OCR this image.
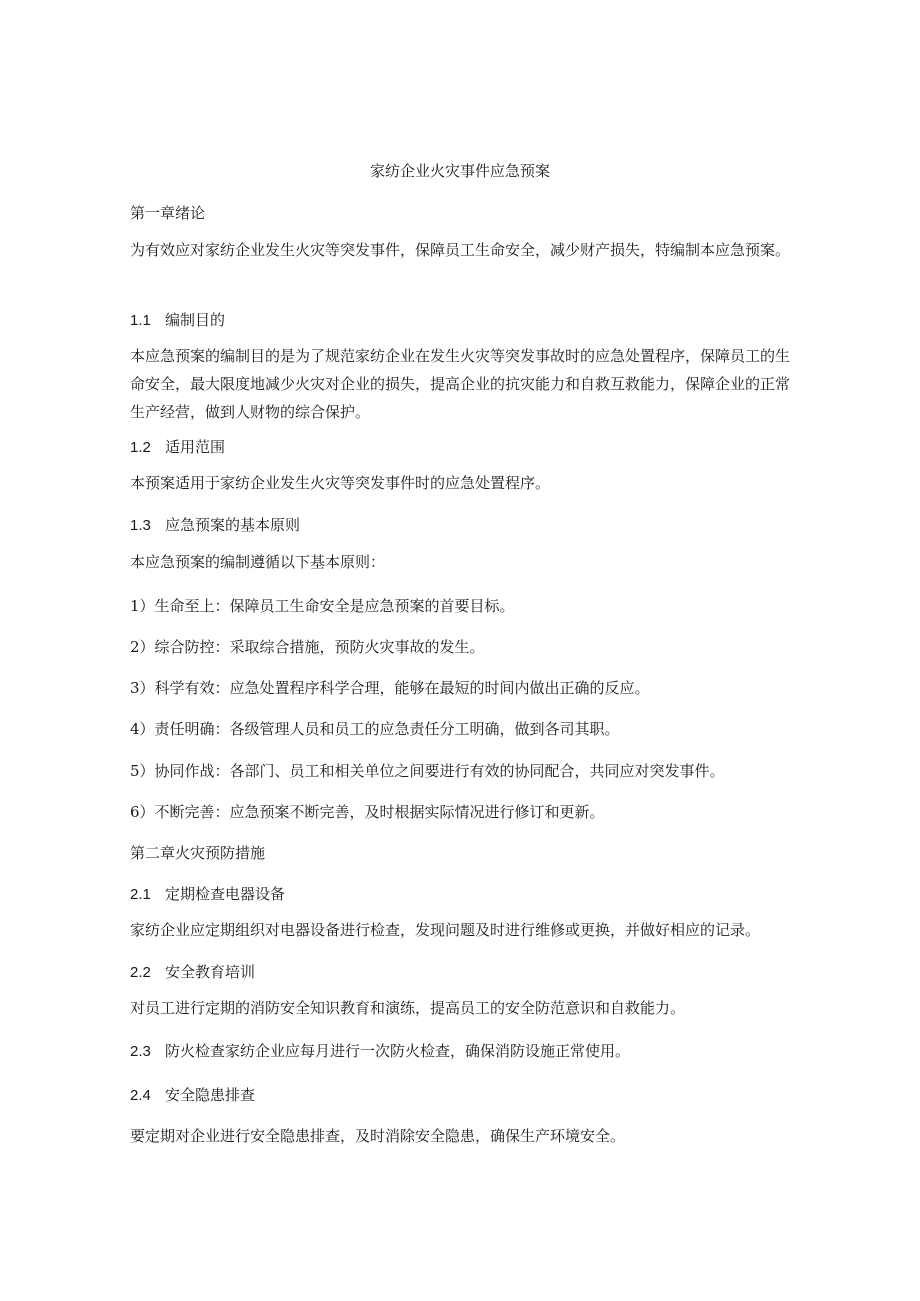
家纺企业火灾事件应急预案
第一章绪论
为有效应对家纺企业发生火灾等突发事件，保障员工生命安全，减少财产损失，特编制本应急预案。
1.1 编制目的
本应急预案的编制目的是为了规范家纺企业在发生火灾等突发事故时的应急处置程序，保障员工的生命安全，最大限度地减少火灾对企业的损失，提高企业的抗灾能力和自救互救能力，保障企业的正常生产经营，做到人财物的综合保护。
1.2 适用范围
本预案适用于家纺企业发生火灾等突发事件时的应急处置程序。
1.3 应急预案的基本原则
本应急预案的编制遵循以下基本原则：
1）生命至上：保障员工生命安全是应急预案的首要目标。
2）综合防控：采取综合措施，预防火灾事故的发生。
3）科学有效：应急处置程序科学合理，能够在最短的时间内做出正确的反应。
4）责任明确：各级管理人员和员工的应急责任分工明确，做到各司其职。
5）协同作战：各部门、员工和相关单位之间要进行有效的协同配合，共同应对突发事件。
6）不断完善：应急预案不断完善，及时根据实际情况进行修订和更新。
第二章火灾预防措施
2.1 定期检查电器设备
家纺企业应定期组织对电器设备进行检查，发现问题及时进行维修或更换，并做好相应的记录。
2.2 安全教育培训
对员工进行定期的消防安全知识教育和演练，提高员工的安全防范意识和自救能力。
2.3 防火检查家纺企业应每月进行一次防火检查，确保消防设施正常使用。
2.4 安全隐患排查
要定期对企业进行安全隐患排查，及时消除安全隐患，确保生产环境安全。
